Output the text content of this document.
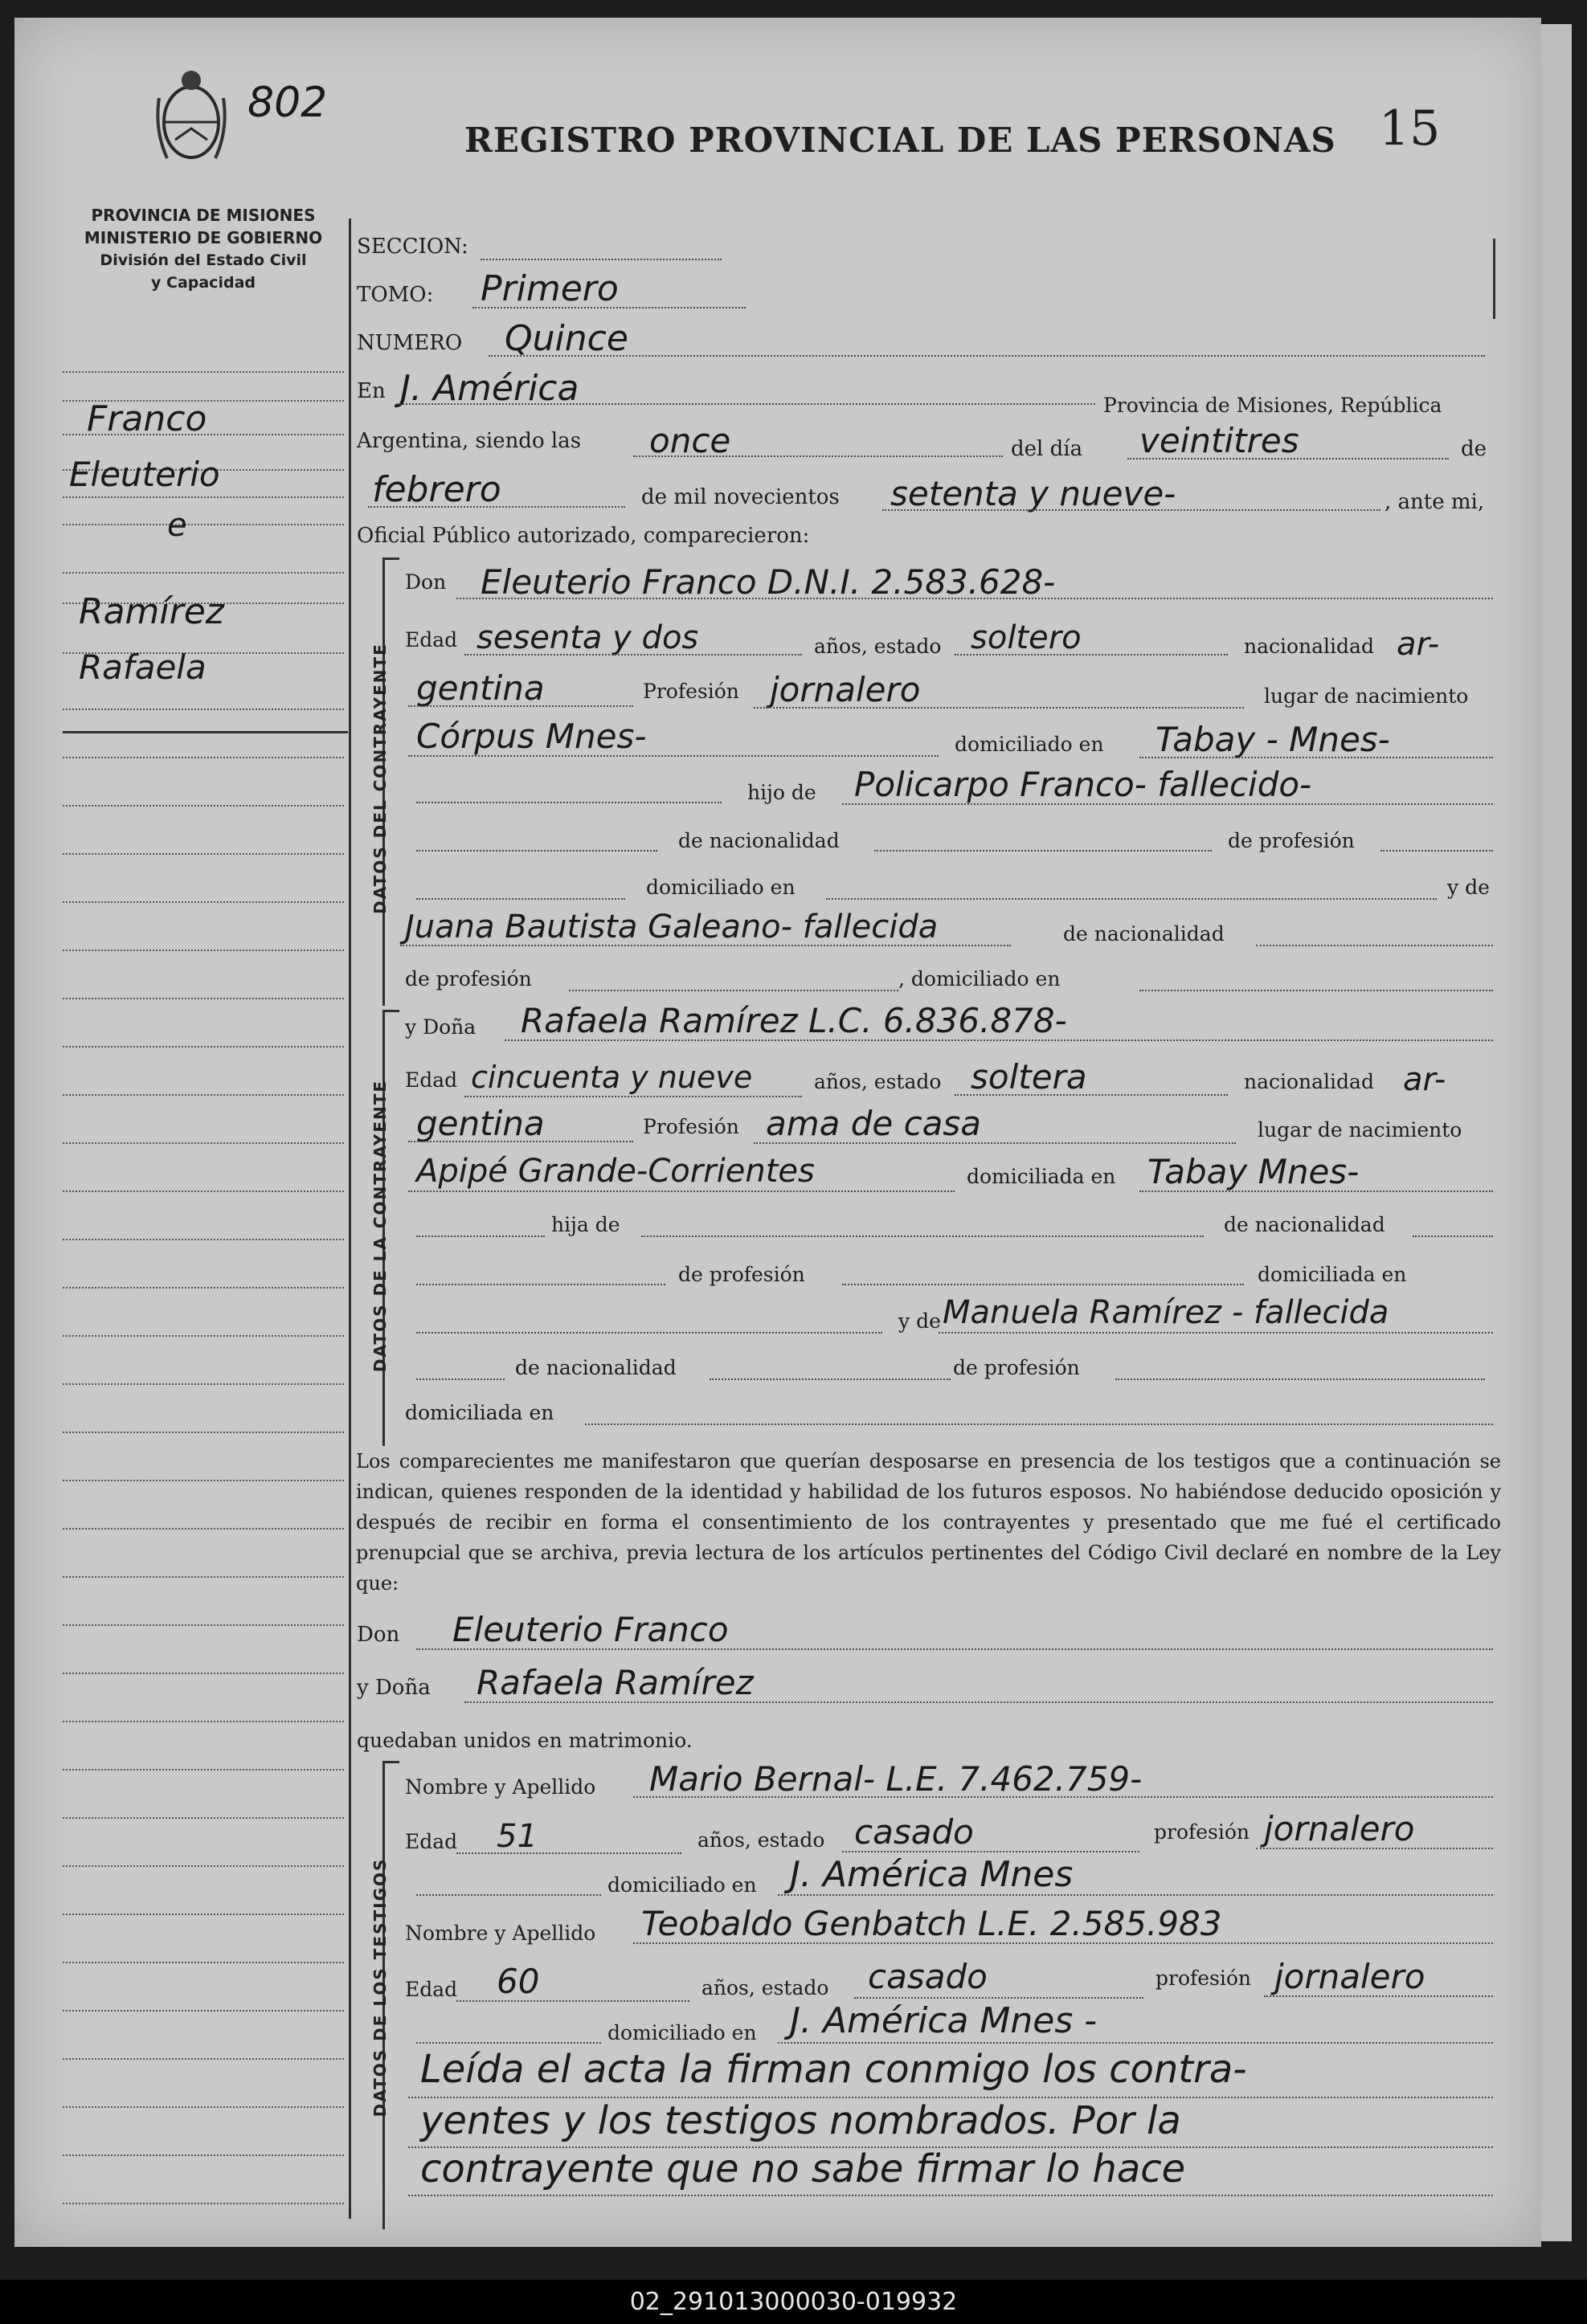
802
REGISTRO PROVINCIAL DE LAS PERSONAS 15
PROVINCIA DE MISIONES
MINISTERIO DE GOBIERNO
División del Estado Civil
y Capacidad
Franco
Eleuterio
e
Ramírez
Rafaela
SECCION:
TOMO: Primero
NUMERO Quince
En J. América	Provincia de Misiones, República
Argentina, siendo las once	del día veintitres	de
febrero	de mil novecientos setenta y nueve-	, ante mi,
Oficial Público autorizado, comparecieron:
DATOS DEL CONTRAYENTE
Don Eleuterio Franco D.N.I. 2.583.628-
Edad sesenta y dos	años, estado soltero	nacionalidad ar-
gentina	Profesión jornalero	lugar de nacimiento
Córpus Mnes-	domiciliado en Tabay - Mnes-
hijo de Policarpo Franco- fallecido-
de nacionalidad	de profesión
domiciliado en	y de
Juana Bautista Galeano- fallecida	de nacionalidad
de profesión	, domiciliado en
DATOS DE LA CONTRAYENTE
y Doña Rafaela Ramírez L.C. 6.836.878-
Edad cincuenta y nueve	años, estado soltera	nacionalidad ar-
gentina	Profesión ama de casa	lugar de nacimiento
Apipé Grande-Corrientes	domiciliada en Tabay Mnes-
hija de	de nacionalidad
de profesión	domiciliada en
y de Manuela Ramírez - fallecida
de nacionalidad	de profesión
domiciliada en
Los comparecientes me manifestaron que querían desposarse en presencia de los testigos que a continuación se indican, quienes responden de la identidad y habilidad de los futuros esposos. No habiéndose deducido oposición y después de recibir en forma el consentimiento de los contrayentes y presentado que me fué el certificado prenupcial que se archiva, previa lectura de los artículos pertinentes del Código Civil declaré en nombre de la Ley que:
Don Eleuterio Franco
y Doña Rafaela Ramírez
quedaban unidos en matrimonio.
DATOS DE LOS TESTIGOS
Nombre y Apellido Mario Bernal- L.E. 7.462.759-
Edad 51	años, estado casado	profesión jornalero
domiciliado en J. América Mnes
Nombre y Apellido Teobaldo Genbatch L.E. 2.585.983
Edad 60	años, estado casado	profesión jornalero
domiciliado en J. América Mnes -
Leída el acta la firman conmigo los contra-
yentes y los testigos nombrados. Por la
contrayente que no sabe firmar lo hace
02_291013000030-019932
